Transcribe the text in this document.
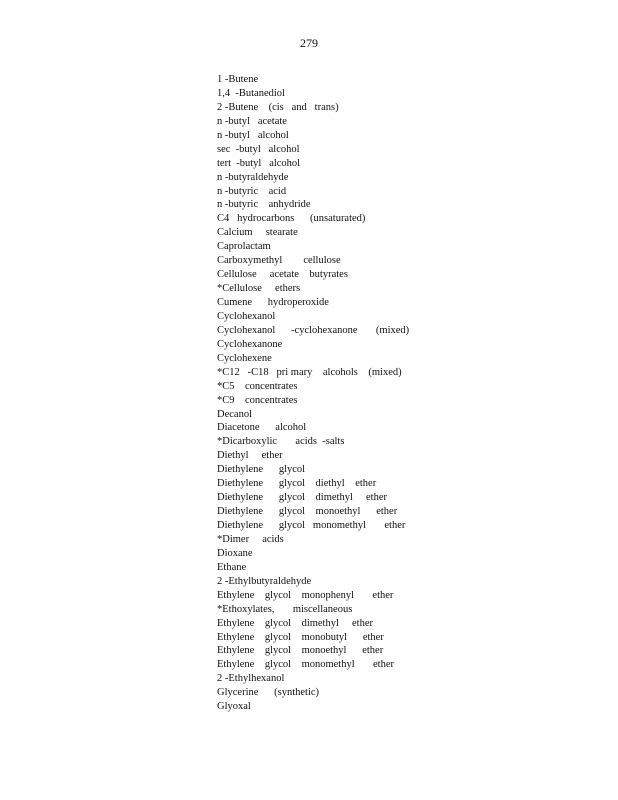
279
1 -Butene
1,4  -Butanediol
2 -Butene    (cis   and   trans)
n -butyl   acetate
n -butyl   alcohol
sec  -butyl   alcohol
tert  -butyl   alcohol
n -butyraldehyde
n -butyric    acid
n -butyric    anhydride
C4   hydrocarbons      (unsaturated)
Calcium     stearate
Caprolactam
Carboxymethyl        cellulose
Cellulose     acetate    butyrates
*Cellulose     ethers
Cumene      hydroperoxide
Cyclohexanol
Cyclohexanol      -cyclohexanone       (mixed)
Cyclohexanone
Cyclohexene
*C12   -C18   pri mary    alcohols    (mixed)
*C5    concentrates
*C9    concentrates
Decanol
Diacetone      alcohol
*Dicarboxylic       acids  -salts
Diethyl     ether
Diethylene      glycol
Diethylene      glycol    diethyl    ether
Diethylene      glycol    dimethyl     ether
Diethylene      glycol    monoethyl      ether
Diethylene      glycol   monomethyl       ether
*Dimer     acids
Dioxane
Ethane
2 -Ethylbutyraldehyde
Ethylene    glycol    monophenyl       ether
*Ethoxylates,       miscellaneous
Ethylene    glycol    dimethyl     ether
Ethylene    glycol    monobutyl      ether
Ethylene    glycol    monoethyl      ether
Ethylene    glycol    monomethyl       ether
2 -Ethylhexanol
Glycerine      (synthetic)
Glyoxal
